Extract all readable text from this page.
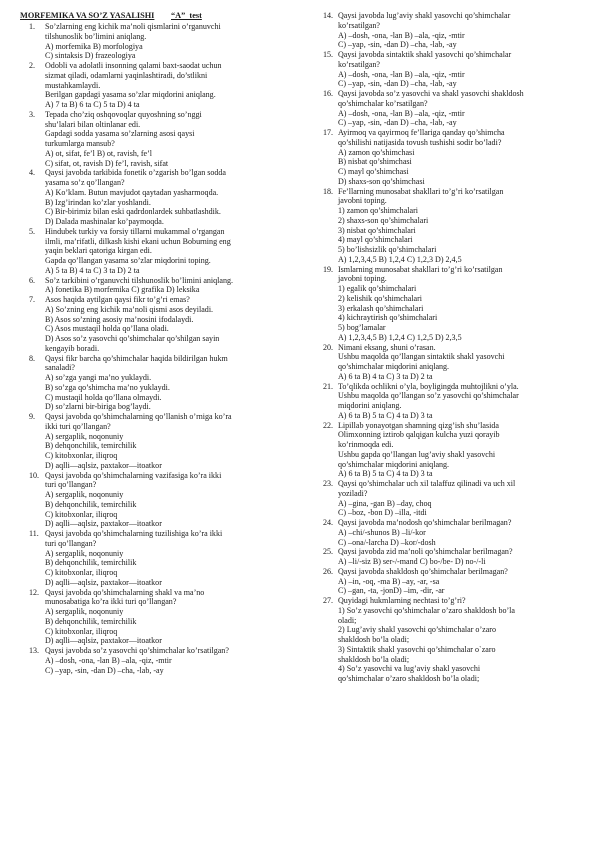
MORFEMIKA VA SO’Z YASALISHI “A”  test
1. So’zlarning eng kichik ma’noli qismlarini o’rganuvchi
tilshunoslik bo’limini aniqlang.
A) morfemika B) morfologiya
C) sintaksis D) frazeologiya
2. Odobli va adolatli insonning qalami baxt-saodat uchun
sizmat qiladi, odamlarni yaqinlashtiradi, do’stlikni
mustahkamlaydi.
Berilgan gapdagi yasama so’zlar miqdorini aniqlang.
A) 7 ta B) 6 ta C) 5 ta D) 4 ta
3. Tepada cho’ziq oshqovoqlar quyoshning so’nggi
shu’lalari bilan oltinlanar edi.
Gapdagi sodda yasama so’zlarning asosi qaysi
turkumlarga mansub?
A) ot, sifat, fe’l B) ot, ravish, fe’l
C) sifat, ot, ravish D) fe’l, ravish, sifat
4. Qaysi javobda tarkibida fonetik o’zgarish bo’lgan sodda
yasama so’z qo’llangan?
A) Ko’klam. Butun mavjudot qaytadan yasharmoqda.
B) Izg’irindan ko’zlar yoshlandi.
C) Bir-birimiz bilan eski qadrdonlardek suhbatlashdik.
D) Dalada mashinalar ko’paymoqda.
5. Hindubek turkiy va forsiy tillarni mukammal o’rgangan
ilmli, ma’rifatli, dilkash kishi ekani uchun Boburning eng
yaqin beklari qatoriga kirgan edi.
Gapda qo’llangan yasama so’zlar miqdorini toping.
A) 5 ta B) 4 ta C) 3 ta D) 2 ta
6. So’z tarkibini o’rganuvchi tilshunoslik bo’limini aniqlang.
A) fonetika B) morfemika C) grafika D) leksika
7. Asos haqida aytilgan qaysi fikr to’g’ri emas?
A) So’zning eng kichik ma’noli qismi asos deyiladi.
B) Asos so’zning asosiy ma’nosini ifodalaydi.
C) Asos mustaqil holda qo’llana oladi.
D) Asos so’z yasovchi qo’shimchalar qo’shilgan sayin
kengayib boradi.
8. Qaysi fikr barcha qo’shimchalar haqida bildirilgan hukm
sanaladi?
A) so’zga yangi ma’no yuklaydi.
B) so’zga qo’shimcha ma’no yuklaydi.
C) mustaqil holda qo’llana olmaydi.
D) so’zlarni bir-biriga bog’laydi.
9. Qaysi javobda qo’shimchalarning qo’llanish o’rniga ko’ra
ikki turi qo’llangan?
A) sergaplik, noqonuniy
B) dehqonchilik, temirchilik
C) kitobxonlar, iliqroq
D) aqlli—aqlsiz, paxtakor—itoatkor
10. Qaysi javobda qo’shimchalarning vazifasiga ko’ra ikki
turi qo’llangan?
A) sergaplik, noqonuniy
B) dehqonchilik, temirchilik
C) kitobxonlar, iliqroq
D) aqlli—aqlsiz, paxtakor—itoatkor
11. Qaysi javobda qo’shimchalarning tuzilishiga ko’ra ikki
turi qo’llangan?
A) sergaplik, noqonuniy
B) dehqonchilik, temirchilik
C) kitobxonlar, iliqroq
D) aqlli—aqlsiz, paxtakor—itoatkor
12. Qaysi javobda qo’shimchalarning shakl va ma’no
munosabatiga ko’ra ikki turi qo’llangan?
A) sergaplik, noqonuniy
B) dehqonchilik, temirchilik
C) kitobxonlar, iliqroq
D) aqlli—aqlsiz, paxtakor—itoatkor
13. Qaysi javobda so’z yasovchi qo’shimchalar ko’rsatilgan?
A) –dosh, -ona, -lan B) –ala, -qiz, -mtir
C) –yap, -sin, -dan D) –cha, -lab, -ay
14. Qaysi javobda lug’aviy shakl yasovchi qo’shimchalar
ko’rsatilgan?
A) –dosh, -ona, -lan B) –ala, -qiz, -mtir
C) –yap, -sin, -dan D) –cha, -lab, -ay
15. Qaysi javobda sintaktik shakl yasovchi qo’shimchalar
ko’rsatilgan?
A) –dosh, -ona, -lan B) –ala, -qiz, -mtir
C) –yap, -sin, -dan D) –cha, -lab, -ay
16. Qaysi javobda so’z yasovchi va shakl yasovchi shakldosh
qo’shimchalar ko’rsatilgan?
A) –dosh, -ona, -lan B) –ala, -qiz, -mtir
C) –yap, -sin, -dan D) –cha, -lab, -ay
17. Ayirmoq va qayirmoq fe’llariga qanday qo’shimcha
qo’shilishi natijasida tovush tushishi sodir bo’ladi?
A) zamon qo’shimchasi
B) nisbat qo’shimchasi
C) mayl qo’shimchasi
D) shaxs-son qo’shimchasi
18. Fe’llarning munosabat shakllari to’g’ri ko’rsatilgan
javobni toping.
1) zamon qo’shimchalari
2) shaxs-son qo’shimchalari
3) nisbat qo’shimchalari
4) mayl qo’shimchalari
5) bo’lishsizlik qo’shimchalari
A) 1,2,3,4,5 B) 1,2,4 C) 1,2,3 D) 2,4,5
19. Ismlarning munosabat shakllari to’g’ri ko’rsatilgan
javobni toping.
1) egalik qo’shimchalari
2) kelishik qo’shimchalari
3) erkalash qo’shimchalari
4) kichraytirish qo’shimchalari
5) bog’lamalar
A) 1,2,3,4,5 B) 1,2,4 C) 1,2,5 D) 2,3,5
20. Nimani eksang, shuni o’rasan.
Ushbu maqolda qo’llangan sintaktik shakl yasovchi
qo’shimchalar miqdorini aniqlang.
A) 6 ta B) 4 ta C) 3 ta D) 2 ta
21. To’qlikda ochlikni o’yla, boyligingda muhtojlikni o’yla.
Ushbu maqolda qo’llangan so’z yasovchi qo’shimchalar
miqdorini aniqlang.
A) 6 ta B) 5 ta C) 4 ta D) 3 ta
22. Lipillab yonayotgan shamning qizg’ish shu’lasida
Olimxonning iztirob qalqigan kulcha yuzi qorayib
ko’rinmoqda edi.
Ushbu gapda qo’llangan lug’aviy shakl yasovchi
qo’shimchalar miqdorini aniqlang.
A) 6 ta B) 5 ta C) 4 ta D) 3 ta
23. Qaysi qo’shimchalar uch xil talaffuz qilinadi va uch xil
yoziladi?
A) –gina, -gan B) –day, choq
C) –boz, -bon D) –illa, -itdi
24. Qaysi javobda ma’nodosh qo’shimchalar berilmagan?
A) –chi/-shunos B) –li/-kor
C) –ona/-larcha D) –kor/-dosh
25. Qaysi javobda zid ma’noli qo’shimchalar berilmagan?
A) –li/-siz B) ser-/-mand C) bo-/be- D) no-/-li
26. Qaysi javobda shakldosh qo’shimchalar berilmagan?
A) –in, -oq, -ma B) –ay, -ar, -sa
C) –gan, -ta, -jonD) –im, -dir, -ar
27. Quyidagi hukmlarning nechtasi to’g’ri?
1) So’z yasovchi qo’shimchalar o’zaro shakldosh bo’la
oladi;
2) Lug’aviy shakl yasovchi qo’shimchalar o’zaro
shakldosh bo’la oladi;
3) Sintaktik shakl yasovchi qo’shimchalar o`zaro
shakldosh bo’la oladi;
4) So’z yasovchi va lug’aviy shakl yasovchi
qo’shimchalar o’zaro shakldosh bo’la oladi;
